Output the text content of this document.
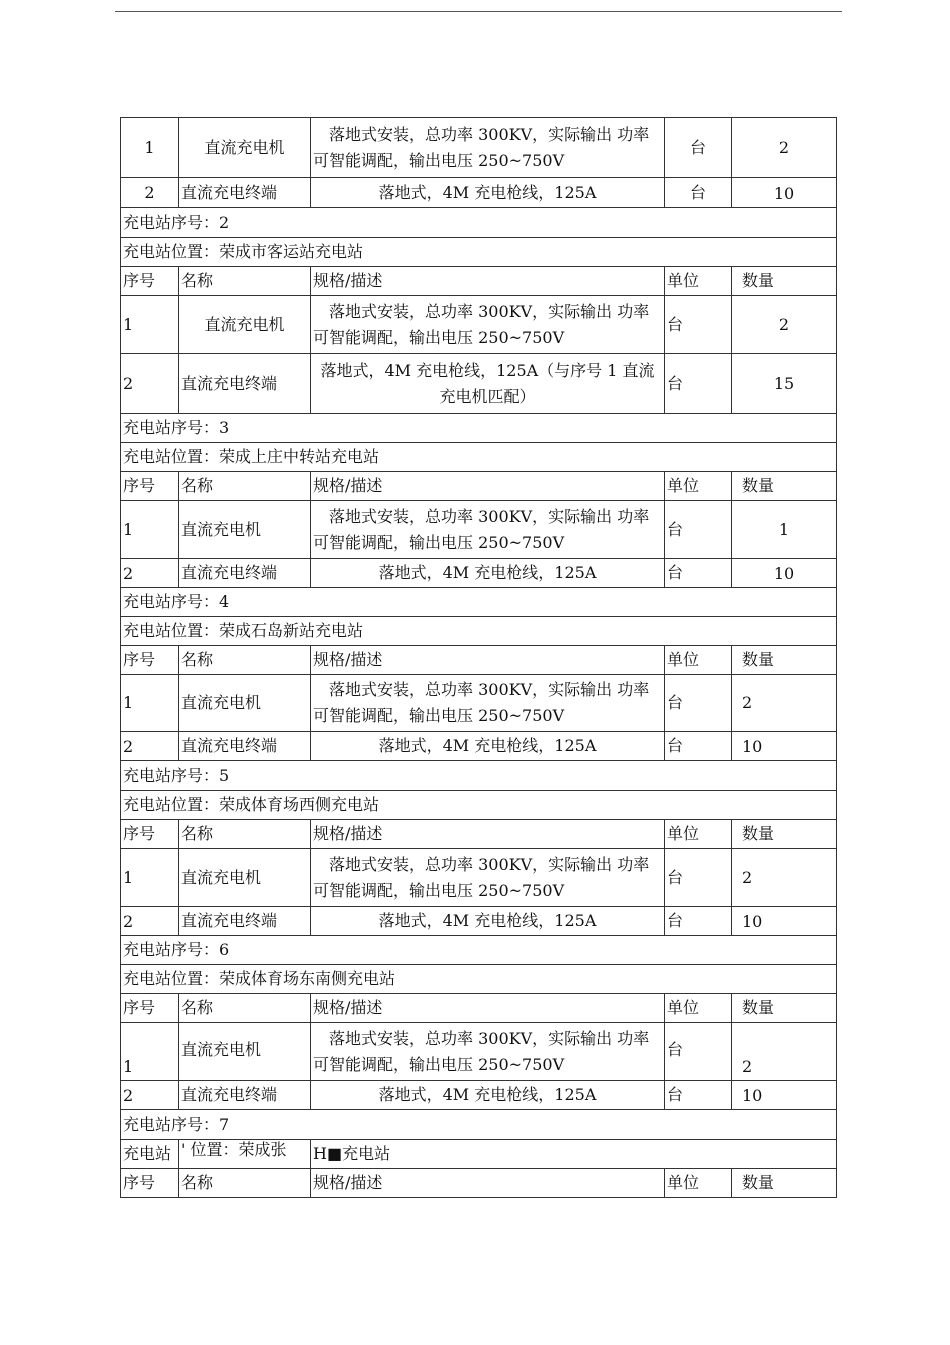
1	直流充电机	落地式安装，总功率 300KV，实际输出 功率可智能调配，输出电压 250~750V	台	2
2	直流充电终端	落地式，4M 充电枪线，125A	台	10
充电站序号：2				
充电站位置：荣成市客运站充电站				
序号	名称	规格/描述	单位	数量
1	直流充电机	落地式安装，总功率 300KV，实际输出 功率可智能调配，输出电压 250~750V	台	2
2	直流充电终端	落地式，4M 充电枪线，125A（与序号 1 直流充电机匹配）	台	15
充电站序号：3				
充电站位置：荣成上庄中转站充电站				
序号	名称	规格/描述	单位	数量
1	直流充电机	落地式安装，总功率 300KV，实际输出 功率可智能调配，输出电压 250~750V	台	1
2	直流充电终端	落地式，4M 充电枪线，125A	台	10
充电站序号：4				
充电站位置：荣成石岛新站充电站				
序号	名称	规格/描述	单位	数量
1	直流充电机	落地式安装，总功率 300KV，实际输出 功率可智能调配，输出电压 250~750V	台	2
2	直流充电终端	落地式，4M 充电枪线，125A	台	10
充电站序号：5				
充电站位置：荣成体育场西侧充电站				
序号	名称	规格/描述	单位	数量
1	直流充电机	落地式安装，总功率 300KV，实际输出 功率可智能调配，输出电压 250~750V	台	2
2	直流充电终端	落地式，4M 充电枪线，125A	台	10
充电站序号：6				
充电站位置：荣成体育场东南侧充电站				
序号	名称	规格/描述	单位	数量
1	直流充电机	落地式安装，总功率 300KV，实际输出 功率可智能调配，输出电压 250~750V	台	2
2	直流充电终端	落地式，4M 充电枪线，125A	台	10
充电站序号：7				
充电站	' 位置：荣成张	H■充电站		
序号	名称	规格/描述	单位	数量
